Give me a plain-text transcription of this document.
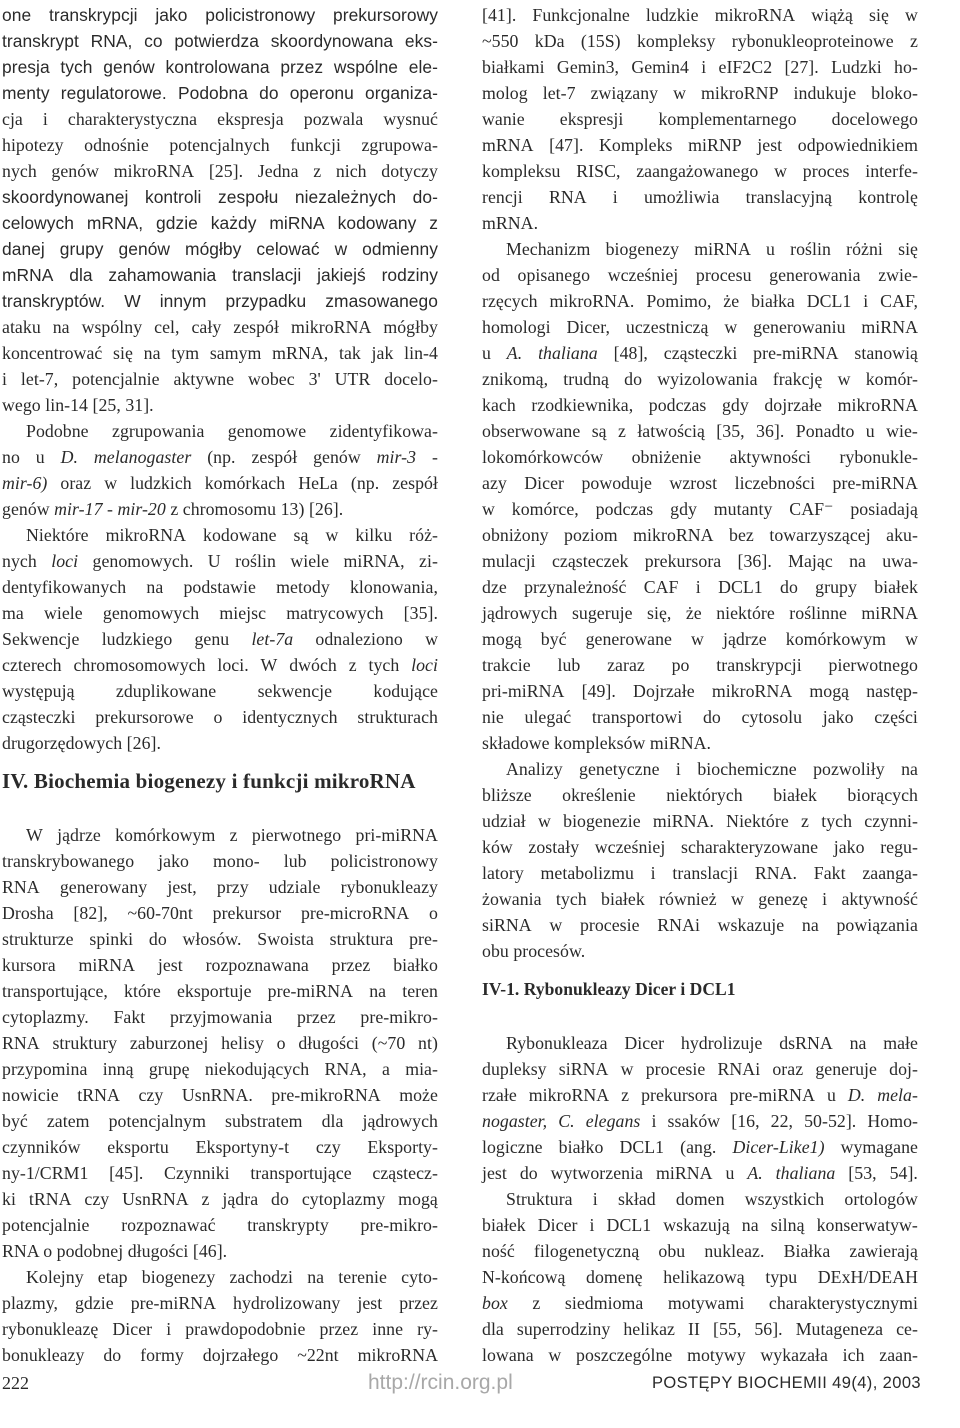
one transkrypcji jako policistronowy prekursorowy
transkrypt RNA, co potwierdza skoordynowana eks-
presja tych genów kontrolowana przez wspólne ele-
menty regulatorowe. Podobna do operonu organiza-
cja i charakterystyczna ekspresja pozwala wysnuć
hipotezy odnośnie potencjalnych funkcji zgrupowa-
nych genów mikroRNA [25]. Jedna z nich dotyczy
skoordynowanej kontroli zespołu niezależnych do-
celowych mRNA, gdzie każdy miRNA kodowany z
danej grupy genów mógłby celować w odmienny
mRNA dla zahamowania translacji jakiejś rodziny
transkryptów. W innym przypadku zmasowanego
ataku na wspólny cel, cały zespół mikroRNA mógłby
koncentrować się na tym samym mRNA, tak jak lin-4
i let-7, potencjalnie aktywne wobec 3' UTR docelo-
wego lin-14 [25, 31].
Podobne zgrupowania genomowe zidentyfikowa-
no u D. melanogaster (np. zespół genów mir-3 -
mir-6) oraz w ludzkich komórkach HeLa (np. zespół
genów mir-17 - mir-20 z chromosomu 13) [26].
Niektóre mikroRNA kodowane są w kilku róż-
nych loci genomowych. U roślin wiele miRNA, zi-
dentyfikowanych na podstawie metody klonowania,
ma wiele genomowych miejsc matrycowych [35].
Sekwencje ludzkiego genu let-7a odnaleziono w
czterech chromosomowych loci. W dwóch z tych loci
występują zduplikowane sekwencje kodujące
cząsteczki prekursorowe o identycznych strukturach
drugorzędowych [26].
IV. Biochemia biogenezy i funkcji mikroRNA
W jądrze komórkowym z pierwotnego pri-miRNA
transkrybowanego jako mono- lub policistronowy
RNA generowany jest, przy udziale rybonukleazy
Drosha [82], ~60-70nt prekursor pre-microRNA o
strukturze spinki do włosów. Swoista struktura pre-
kursora miRNA jest rozpoznawana przez białko
transportujące, które eksportuje pre-miRNA na teren
cytoplazmy. Fakt przyjmowania przez pre-mikro-
RNA struktury zaburzonej helisy o długości (~70 nt)
przypomina inną grupę niekodujących RNA, a mia-
nowicie tRNA czy UsnRNA. pre-mikroRNA może
być zatem potencjalnym substratem dla jądrowych
czynników eksportu Eksportyny-t czy Eksporty-
ny-1/CRM1 [45]. Czynniki transportujące cząstecz-
ki tRNA czy UsnRNA z jądra do cytoplazmy mogą
potencjalnie rozpoznawać transkrypty pre-mikro-
RNA o podobnej długości [46].
Kolejny etap biogenezy zachodzi na terenie cyto-
plazmy, gdzie pre-miRNA hydrolizowany jest przez
rybonukleazę Dicer i prawdopodobnie przez inne ry-
bonukleazy do formy dojrzałego ~22nt mikroRNA
[41]. Funkcjonalne ludzkie mikroRNA wiążą się w
~550 kDa (15S) kompleksy rybonukleoproteinowe z
białkami Gemin3, Gemin4 i eIF2C2 [27]. Ludzki ho-
molog let-7 związany w mikroRNP indukuje bloko-
wanie ekspresji komplementarnego docelowego
mRNA [47]. Kompleks miRNP jest odpowiednikiem
kompleksu RISC, zaangażowanego w proces interfe-
rencji RNA i umożliwia translacyjną kontrolę
mRNA.
Mechanizm biogenezy miRNA u roślin różni się
od opisanego wcześniej procesu generowania zwie-
rzęcych mikroRNA. Pomimo, że białka DCL1 i CAF,
homologi Dicer, uczestniczą w generowaniu miRNA
u A. thaliana [48], cząsteczki pre-miRNA stanowią
znikomą, trudną do wyizolowania frakcję w komór-
kach rzodkiewnika, podczas gdy dojrzałe mikroRNA
obserwowane są z łatwością [35, 36]. Ponadto u wie-
lokomórkowców obniżenie aktywności rybonukle-
azy Dicer powoduje wzrost liczebności pre-miRNA
w komórce, podczas gdy mutanty CAF⁻ posiadają
obniżony poziom mikroRNA bez towarzyszącej aku-
mulacji cząsteczek prekursora [36]. Mając na uwa-
dze przynależność CAF i DCL1 do grupy białek
jądrowych sugeruje się, że niektóre roślinne miRNA
mogą być generowane w jądrze komórkowym w
trakcie lub zaraz po transkrypcji pierwotnego
pri-miRNA [49]. Dojrzałe mikroRNA mogą następ-
nie ulegać transportowi do cytosolu jako części
składowe kompleksów miRNA.
Analizy genetyczne i biochemiczne pozwoliły na
bliższe określenie niektórych białek biorących
udział w biogenezie miRNA. Niektóre z tych czynni-
ków zostały wcześniej scharakteryzowane jako regu-
latory metabolizmu i translacji RNA. Fakt zaanga-
żowania tych białek również w genezę i aktywność
siRNA w procesie RNAi wskazuje na powiązania
obu procesów.
IV-1. Rybonukleazy Dicer i DCL1
Rybonukleaza Dicer hydrolizuje dsRNA na małe
dupleksy siRNA w procesie RNAi oraz generuje doj-
rzałe mikroRNA z prekursora pre-miRNA u D. mela-
nogaster, C. elegans i ssaków [16, 22, 50-52]. Homo-
logiczne białko DCL1 (ang. Dicer-Like1) wymagane
jest do wytworzenia miRNA u A. thaliana [53, 54].
Struktura i skład domen wszystkich ortologów
białek Dicer i DCL1 wskazują na silną konserwatyw-
ność filogenetyczną obu nukleaz. Białka zawierają
N-końcową domenę helikazową typu DExH/DEAH
box z siedmioma motywami charakterystycznymi
dla superrodziny helikaz II [55, 56]. Mutageneza ce-
lowana w poszczególne motywy wykazała ich zaan-
222	http://rcin.org.pl	POSTĘPY BIOCHEMII 49(4), 2003
